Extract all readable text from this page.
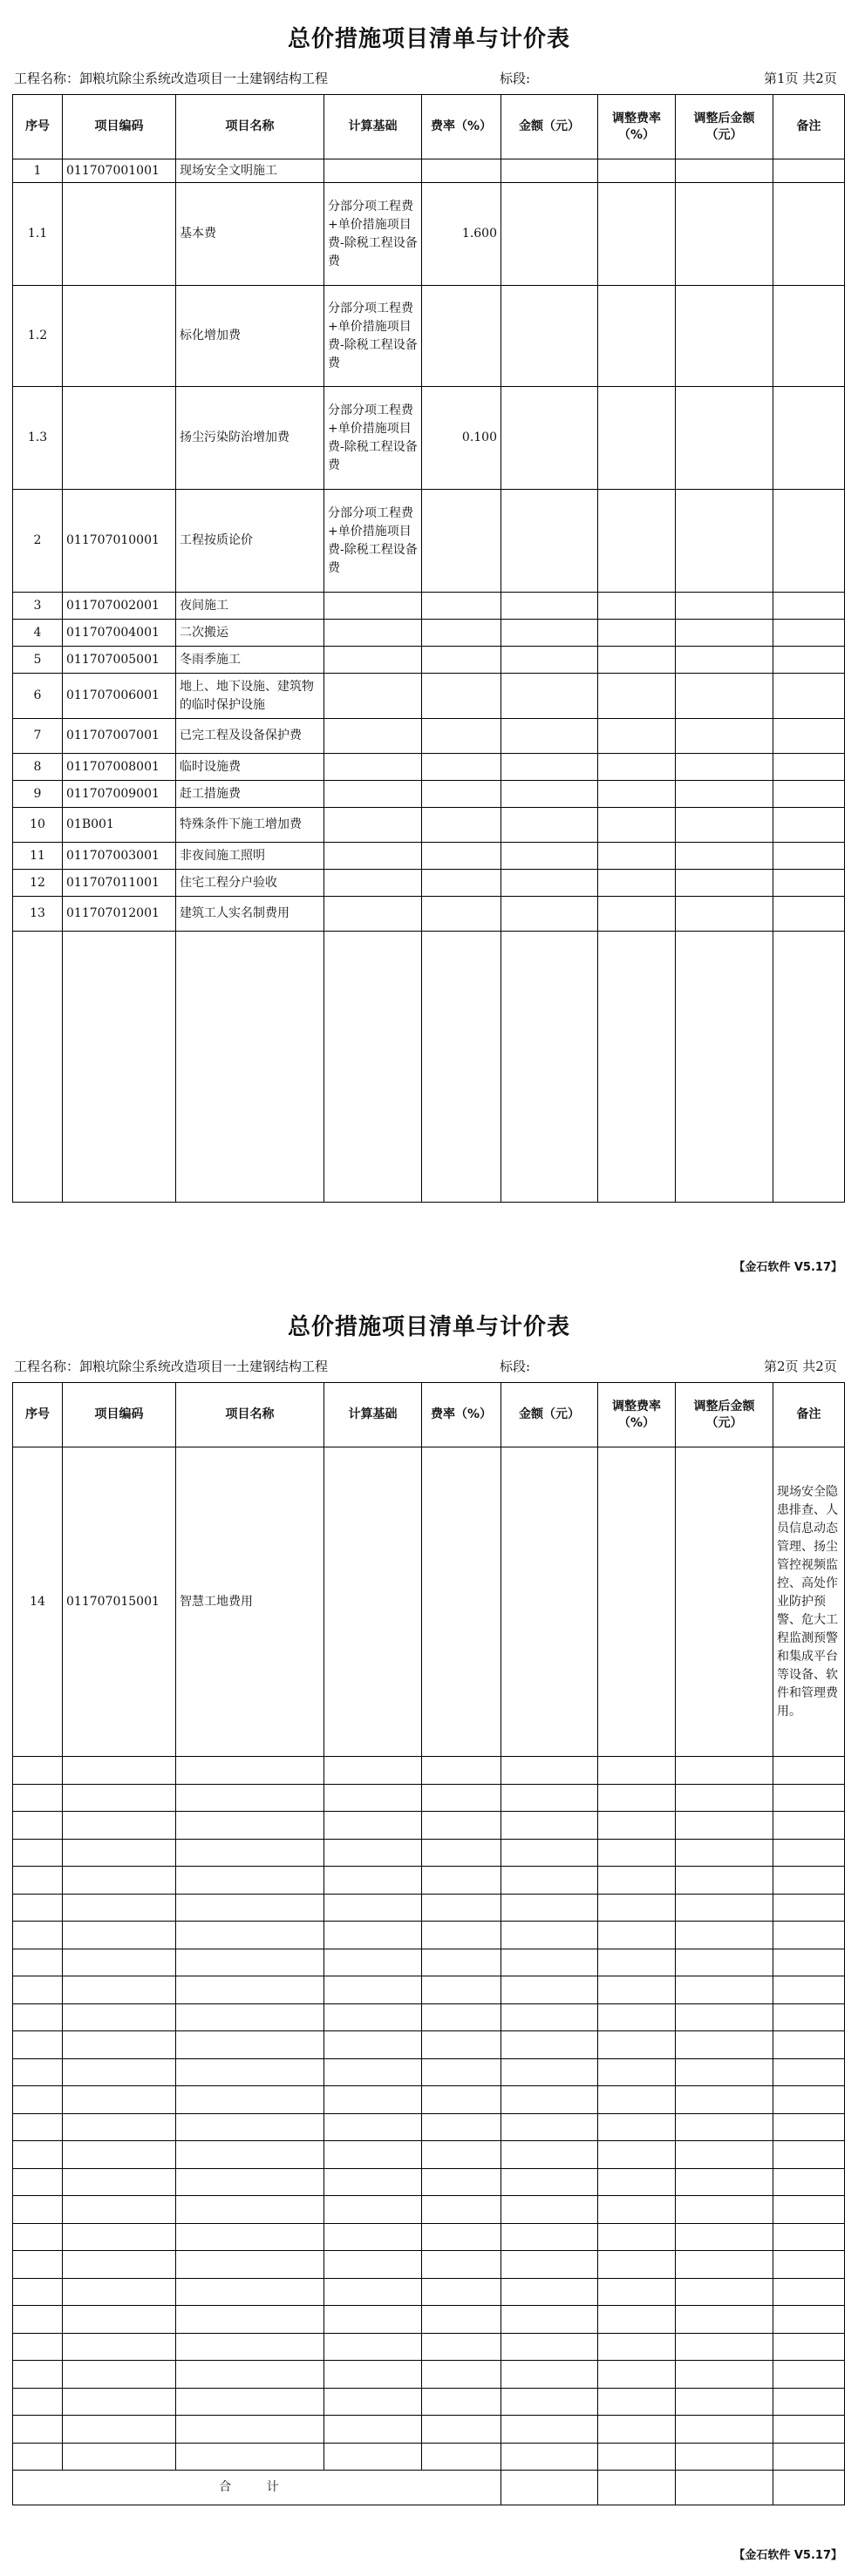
总价措施项目清单与计价表
工程名称：卸粮坑除尘系统改造项目一土建钢结构工程	标段:	第1页 共2页
序号	项目编码	项目名称	计算基础	费率（%）	金额（元）	调整费率（%）	调整后金额（元）	备注
1	011707001001	现场安全文明施工						
1.1		基本费	分部分项工程费+单价措施项目费-除税工程设备费	1.600				
1.2		标化增加费	分部分项工程费+单价措施项目费-除税工程设备费					
1.3		扬尘污染防治增加费	分部分项工程费+单价措施项目费-除税工程设备费	0.100				
2	011707010001	工程按质论价	分部分项工程费+单价措施项目费-除税工程设备费					
3	011707002001	夜间施工						
4	011707004001	二次搬运						
5	011707005001	冬雨季施工						
6	011707006001	地上、地下设施、建筑物的临时保护设施						
7	011707007001	已完工程及设备保护费						
8	011707008001	临时设施费						
9	011707009001	赶工措施费						
10	01B001	特殊条件下施工增加费						
11	011707003001	非夜间施工照明						
12	011707011001	住宅工程分户验收						
13	011707012001	建筑工人实名制费用						

【金石软件 V5.17】
总价措施项目清单与计价表
工程名称：卸粮坑除尘系统改造项目一土建钢结构工程	标段:	第2页 共2页
序号	项目编码	项目名称	计算基础	费率（%）	金额（元）	调整费率（%）	调整后金额（元）	备注
14	011707015001	智慧工地费用						现场安全隐患排查、人员信息动态管理、扬尘管控视频监控、高处作业防护预警、危大工程监测预警和集成平台等设备、软件和管理费用。

合 计								
【金石软件 V5.17】
